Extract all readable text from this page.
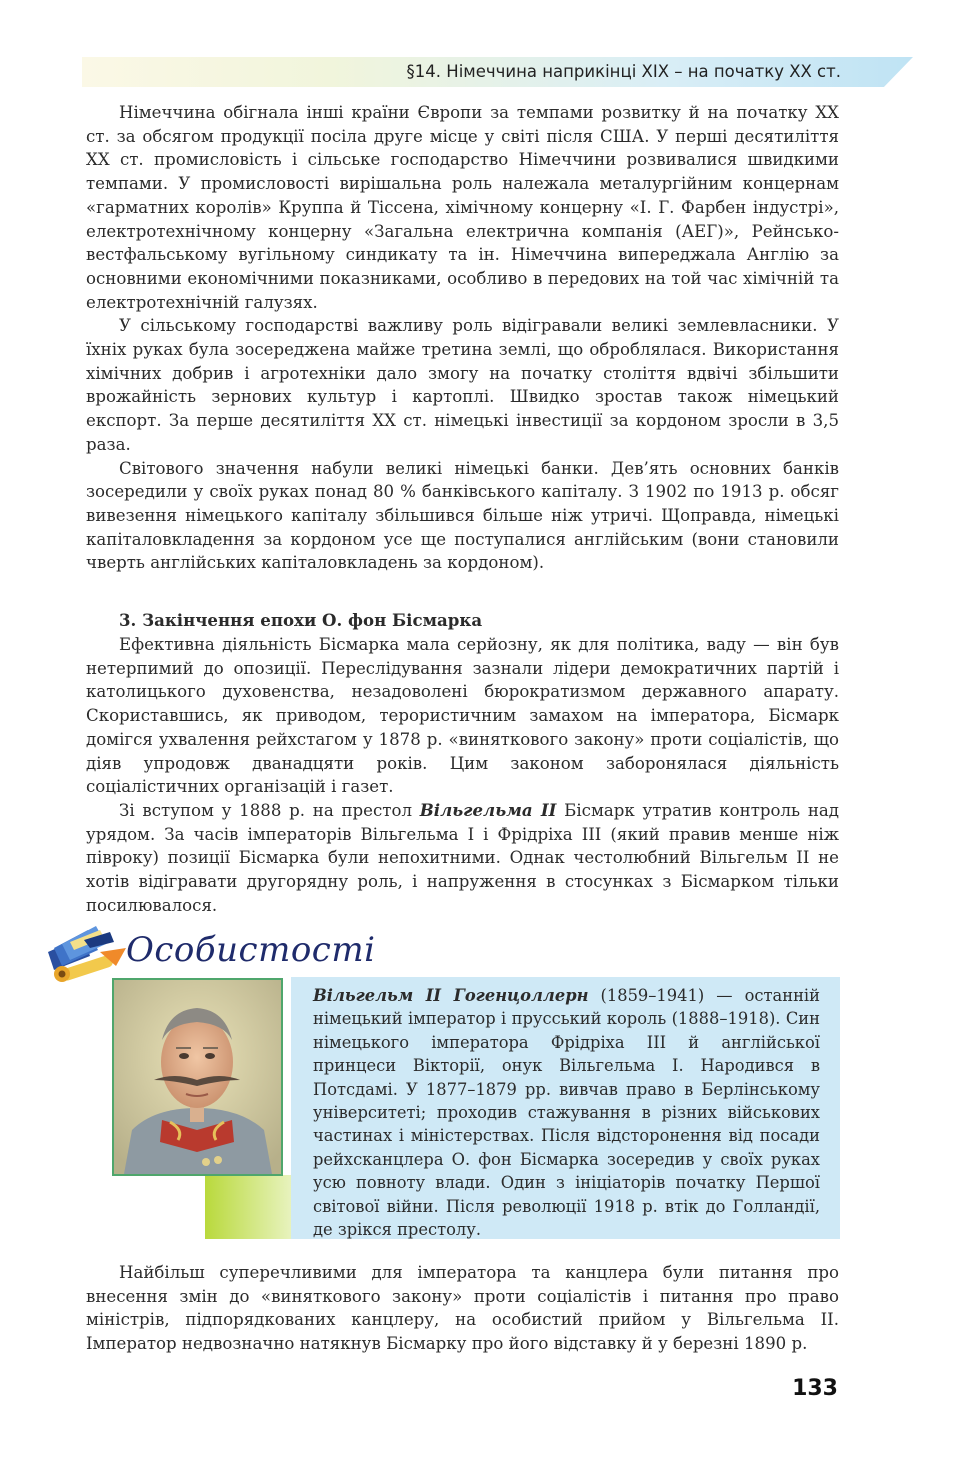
§14. Німеччина наприкінці XIX – на початку XX ст.

Німеччина обігнала інші країни Європи за темпами розвитку й на початку XX ст. за обсягом продукції посіла друге місце у світі після США. У перші десятиліття XX ст. промисловість і сільське господарство Німеччини розвивалися швидкими темпами. У промисловості вирішальна роль належала металургійним концернам «гарматних королів» Круппа й Тіссена, хімічному концерну «І. Г. Фарбен індустрі», електротехнічному концерну «Загальна електрична компанія (АЕГ)», Рейнсько-вестфальському вугільному синдикату та ін. Німеччина випереджала Англію за основними економічними показниками, особливо в передових на той час хімічній та електротехнічній галузях.

У сільському господарстві важливу роль відігравали великі землевласники. У їхніх руках була зосереджена майже третина землі, що оброблялася. Використання хімічних добрив і агротехніки дало змогу на початку століття вдвічі збільшити врожайність зернових культур і картоплі. Швидко зростав також німецький експорт. За перше десятиліття XX ст. німецькі інвестиції за кордоном зросли в 3,5 раза.

Світового значення набули великі німецькі банки. Дев’ять основних банків зосередили у своїх руках понад 80 % банківського капіталу. З 1902 по 1913 р. обсяг вивезення німецького капіталу збільшився більше ніж утричі. Щоправда, німецькі капіталовкладення за кордоном усе ще поступалися англійським (вони становили чверть англійських капіталовкладень за кордоном).

3. Закінчення епохи О. фон Бісмарка

Ефективна діяльність Бісмарка мала серйозну, як для політика, ваду — він був нетерпимий до опозиції. Переслідування зазнали лідери демократичних партій і католицького духовенства, незадоволені бюрократизмом державного апарату. Скориставшись, як приводом, терористичним замахом на імператора, Бісмарк домігся ухвалення рейхстагом у 1878 р. «виняткового закону» проти соціалістів, що діяв упродовж дванадцяти років. Цим законом заборонялася діяльність соціалістичних організацій і газет.

Зі вступом у 1888 р. на престол Вільгельма II Бісмарк утратив контроль над урядом. За часів імператорів Вільгельма I і Фрідріха III (який правив менше ніж півроку) позиції Бісмарка були непохитними. Однак честолюбний Вільгельм II не хотів відігравати другорядну роль, і напруження в стосунках з Бісмарком тільки посилювалося.

Особистості
Вільгельм II Гогенцоллерн (1859–1941) — останній німецький імператор і прусський король (1888–1918). Син німецького імператора Фрідріха III й англійської принцеси Вікторії, онук Вільгельма I. Народився в Потсдамі. У 1877–1879 рр. вивчав право в Берлінському університеті; проходив стажування в різних військових частинах і міністерствах. Після відсторонення від посади рейхсканцлера О. фон Бісмарка зосередив у своїх руках усю повноту влади. Один з ініціаторів початку Першої світової війни. Після революції 1918 р. втік до Голландії, де зрікся престолу.

Найбільш суперечливими для імператора та канцлера були питання про внесення змін до «виняткового закону» проти соціалістів і питання про право міністрів, підпорядкованих канцлеру, на особистий прийом у Вільгельма II. Імператор недвозначно натякнув Бісмарку про його відставку й у березні 1890 р.

133
